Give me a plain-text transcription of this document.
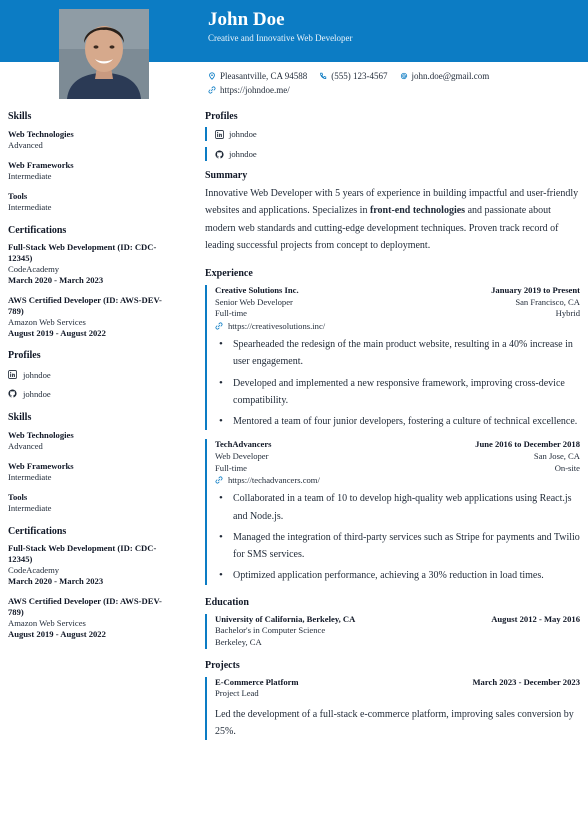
John Doe
Creative and Innovative Web Developer
Pleasantville, CA 94588	(555) 123-4567	john.doe@gmail.com
https://johndoe.me/
Skills
Web Technologies
Advanced
Web Frameworks
Intermediate
Tools
Intermediate
Certifications
Full-Stack Web Development (ID: CDC-
12345)
CodeAcademy
March 2020 - March 2023
AWS Certified Developer (ID: AWS-DEV-
789)
Amazon Web Services
August 2019 - August 2022
Profiles
johndoe
johndoe
Skills
Web Technologies
Advanced
Web Frameworks
Intermediate
Tools
Intermediate
Certifications
Full-Stack Web Development (ID: CDC-
12345)
CodeAcademy
March 2020 - March 2023
AWS Certified Developer (ID: AWS-DEV-
789)
Amazon Web Services
August 2019 - August 2022
Profiles
johndoe
johndoe
Summary
Innovative Web Developer with 5 years of experience in building impactful and user-friendly websites and applications. Specializes in front-end technologies and passionate about modern web standards and cutting-edge development techniques. Proven track record of leading successful projects from concept to deployment.
Experience
Creative Solutions Inc.	January 2019 to Present
Senior Web Developer	San Francisco, CA
Full-time	Hybrid
https://creativesolutions.inc/
• Spearheaded the redesign of the main product website, resulting in a 40% increase in user engagement.
• Developed and implemented a new responsive framework, improving cross-device compatibility.
• Mentored a team of four junior developers, fostering a culture of technical excellence.
TechAdvancers	June 2016 to December 2018
Web Developer	San Jose, CA
Full-time	On-site
https://techadvancers.com/
• Collaborated in a team of 10 to develop high-quality web applications using React.js and Node.js.
• Managed the integration of third-party services such as Stripe for payments and Twilio for SMS services.
• Optimized application performance, achieving a 30% reduction in load times.
Education
University of California, Berkeley, CA	August 2012 - May 2016
Bachelor's in Computer Science
Berkeley, CA
Projects
E-Commerce Platform	March 2023 - December 2023
Project Lead
Led the development of a full-stack e-commerce platform, improving sales conversion by 25%.
